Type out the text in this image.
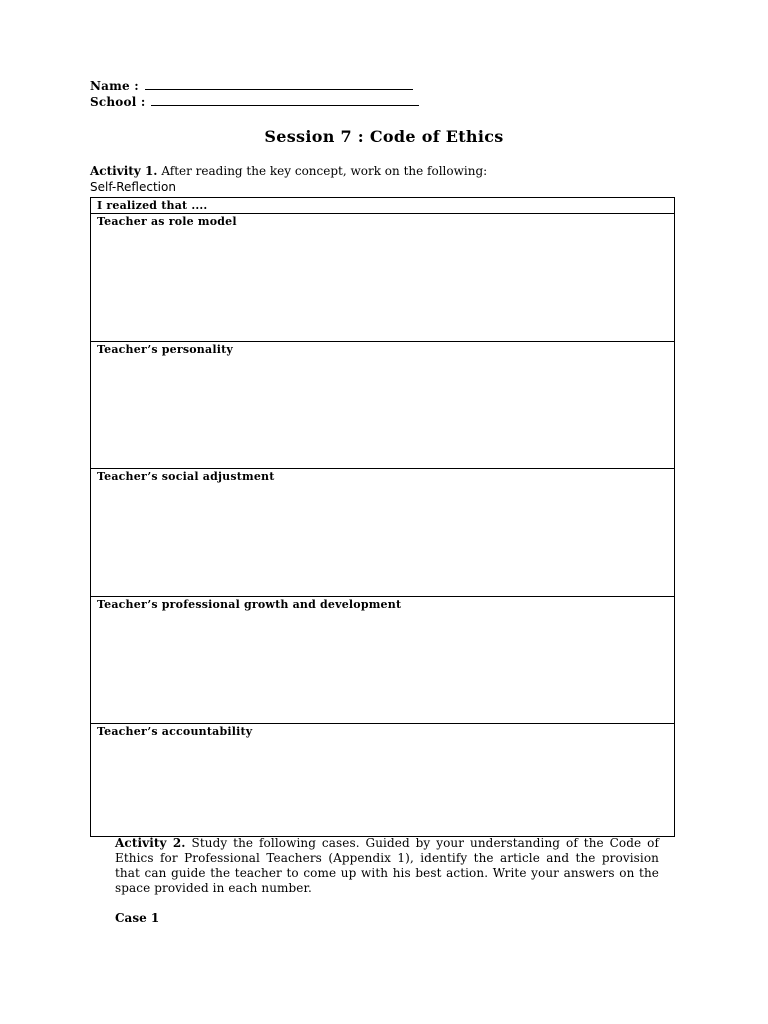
Name :
School :
Session 7 : Code of Ethics
Activity 1. After reading the key concept, work on the following:
Self-Reflection
I realized that ....
Teacher as role model
Teacher’s personality
Teacher’s social adjustment
Teacher’s professional growth and development
Teacher’s accountability
Activity 2. Study the following cases. Guided by your understanding of the Code of Ethics for Professional Teachers (Appendix 1), identify the article and the provision that can guide the teacher to come up with his best action. Write your answers on the space provided in each number.
Case 1
